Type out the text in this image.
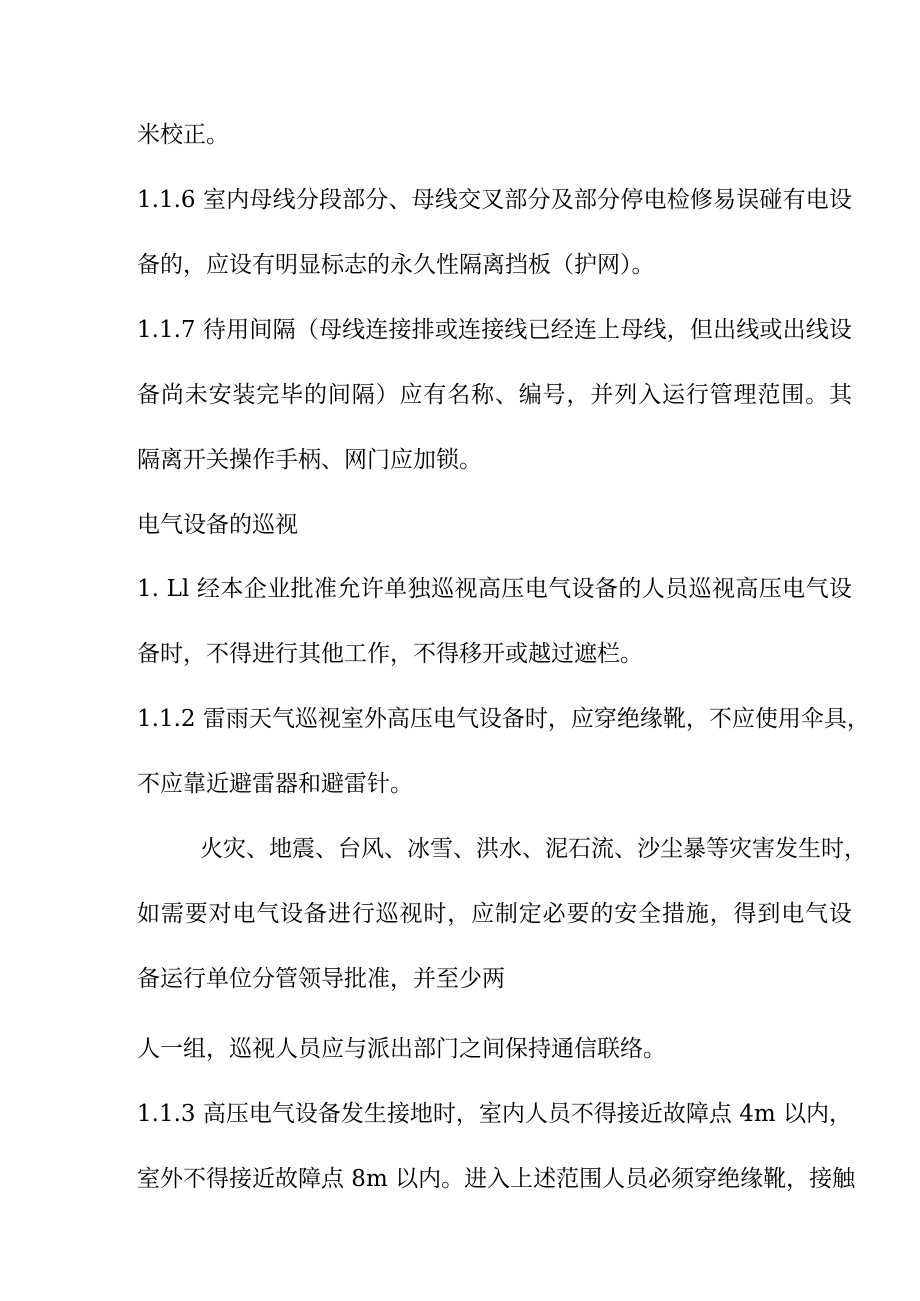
米校正。
1.1.6 室内母线分段部分、母线交叉部分及部分停电检修易误碰有电设
备的，应设有明显标志的永久性隔离挡板（护网）。
1.1.7 待用间隔（母线连接排或连接线已经连上母线，但出线或出线设
备尚未安装完毕的间隔）应有名称、编号，并列入运行管理范围。其
隔离开关操作手柄、网门应加锁。
电气设备的巡视
1. Ll 经本企业批准允许单独巡视高压电气设备的人员巡视高压电气设
备时，不得进行其他工作，不得移开或越过遮栏。
1.1.2 雷雨天气巡视室外高压电气设备时，应穿绝缘靴，不应使用伞具，
不应靠近避雷器和避雷针。
火灾、地震、台风、冰雪、洪水、泥石流、沙尘暴等灾害发生时，
如需要对电气设备进行巡视时，应制定必要的安全措施，得到电气设
备运行单位分管领导批准，并至少两
人一组，巡视人员应与派出部门之间保持通信联络。
1.1.3 高压电气设备发生接地时，室内人员不得接近故障点 4m 以内，
室外不得接近故障点 8m 以内。进入上述范围人员必须穿绝缘靴，接触
